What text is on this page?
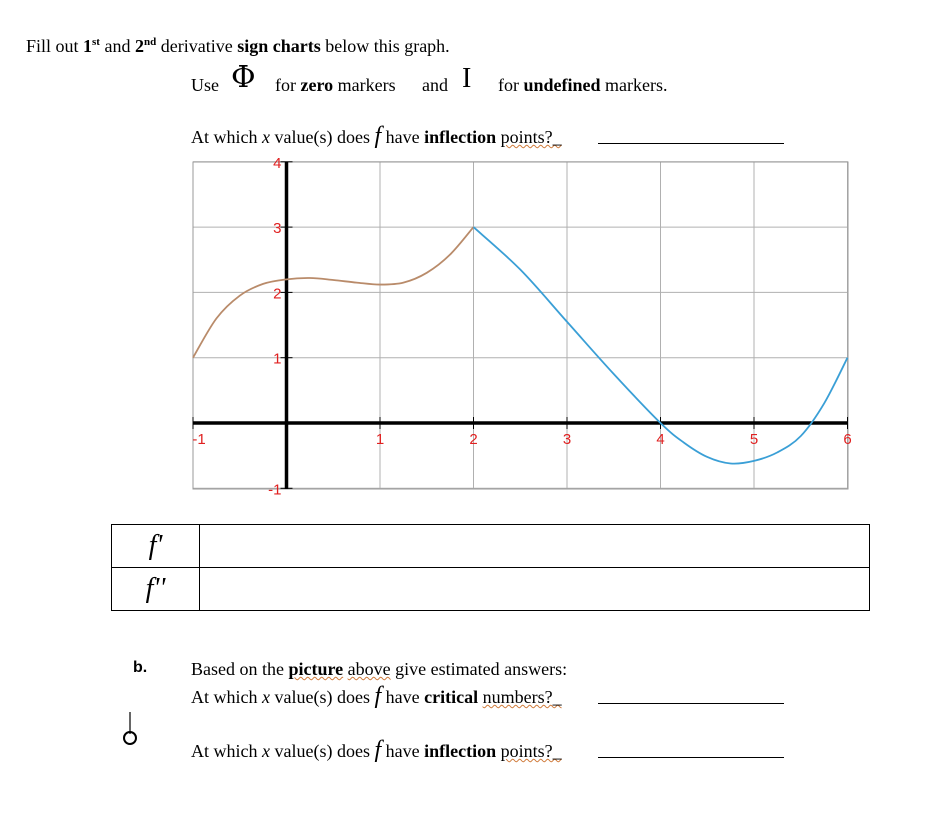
Fill out 1st and 2nd derivative sign charts below this graph.
Use Φ for zero markers and I for undefined markers.
At which x value(s) does f have inflection points?_
-1	1	2	3	4	5	6
4
3
2
1
-1
f'	
f''	
b. Based on the picture above give estimated answers:
At which x value(s) does f have critical numbers?_
At which x value(s) does f have inflection points?_
